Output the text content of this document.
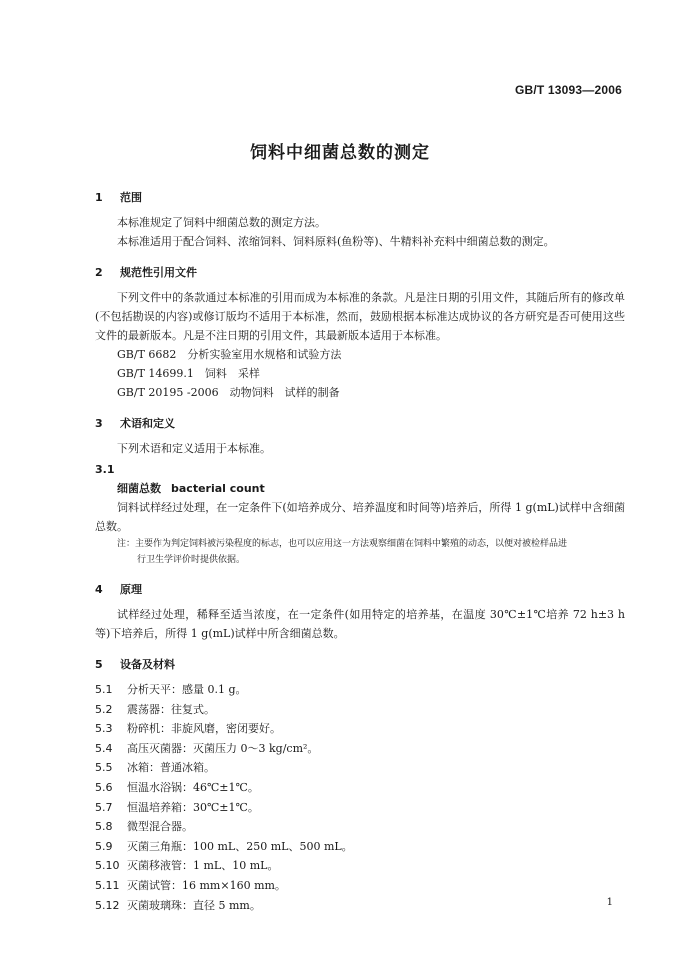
GB/T 13093—2006
饲料中细菌总数的测定
1 范围
本标准规定了饲料中细菌总数的测定方法。
本标准适用于配合饲料、浓缩饲料、饲料原料(鱼粉等)、牛精料补充料中细菌总数的测定。
2 规范性引用文件
下列文件中的条款通过本标准的引用而成为本标准的条款。凡是注日期的引用文件，其随后所有的修改单(不包括勘误的内容)或修订版均不适用于本标准，然而，鼓励根据本标准达成协议的各方研究是否可使用这些文件的最新版本。凡是不注日期的引用文件，其最新版本适用于本标准。
GB/T 6682　分析实验室用水规格和试验方法
GB/T 14699.1　饲料　采样
GB/T 20195 -2006　动物饲料　试样的制备
3 术语和定义
下列术语和定义适用于本标准。
3.1
细菌总数 bacterial count
饲料试样经过处理，在一定条件下(如培养成分、培养温度和时间等)培养后，所得 1 g(mL)试样中含细菌总数。
注：主要作为判定饲料被污染程度的标志，也可以应用这一方法观察细菌在饲料中繁殖的动态，以便对被检样品进
行卫生学评价时提供依据。
4 原理
试样经过处理，稀释至适当浓度，在一定条件(如用特定的培养基，在温度 30℃±1℃培养 72 h±3 h 等)下培养后，所得 1 g(mL)试样中所含细菌总数。
5 设备及材料
5.1 分析天平：感量 0.1 g。
5.2 震荡器：往复式。
5.3 粉碎机：非旋风磨，密闭要好。
5.4 高压灭菌器：灭菌压力 0～3 kg/cm²。
5.5 冰箱：普通冰箱。
5.6 恒温水浴锅：46℃±1℃。
5.7 恒温培养箱：30℃±1℃。
5.8 微型混合器。
5.9 灭菌三角瓶：100 mL、250 mL、500 mL。
5.10 灭菌移液管：1 mL、10 mL。
5.11 灭菌试管：16 mm×160 mm。
5.12 灭菌玻璃珠：直径 5 mm。	1
